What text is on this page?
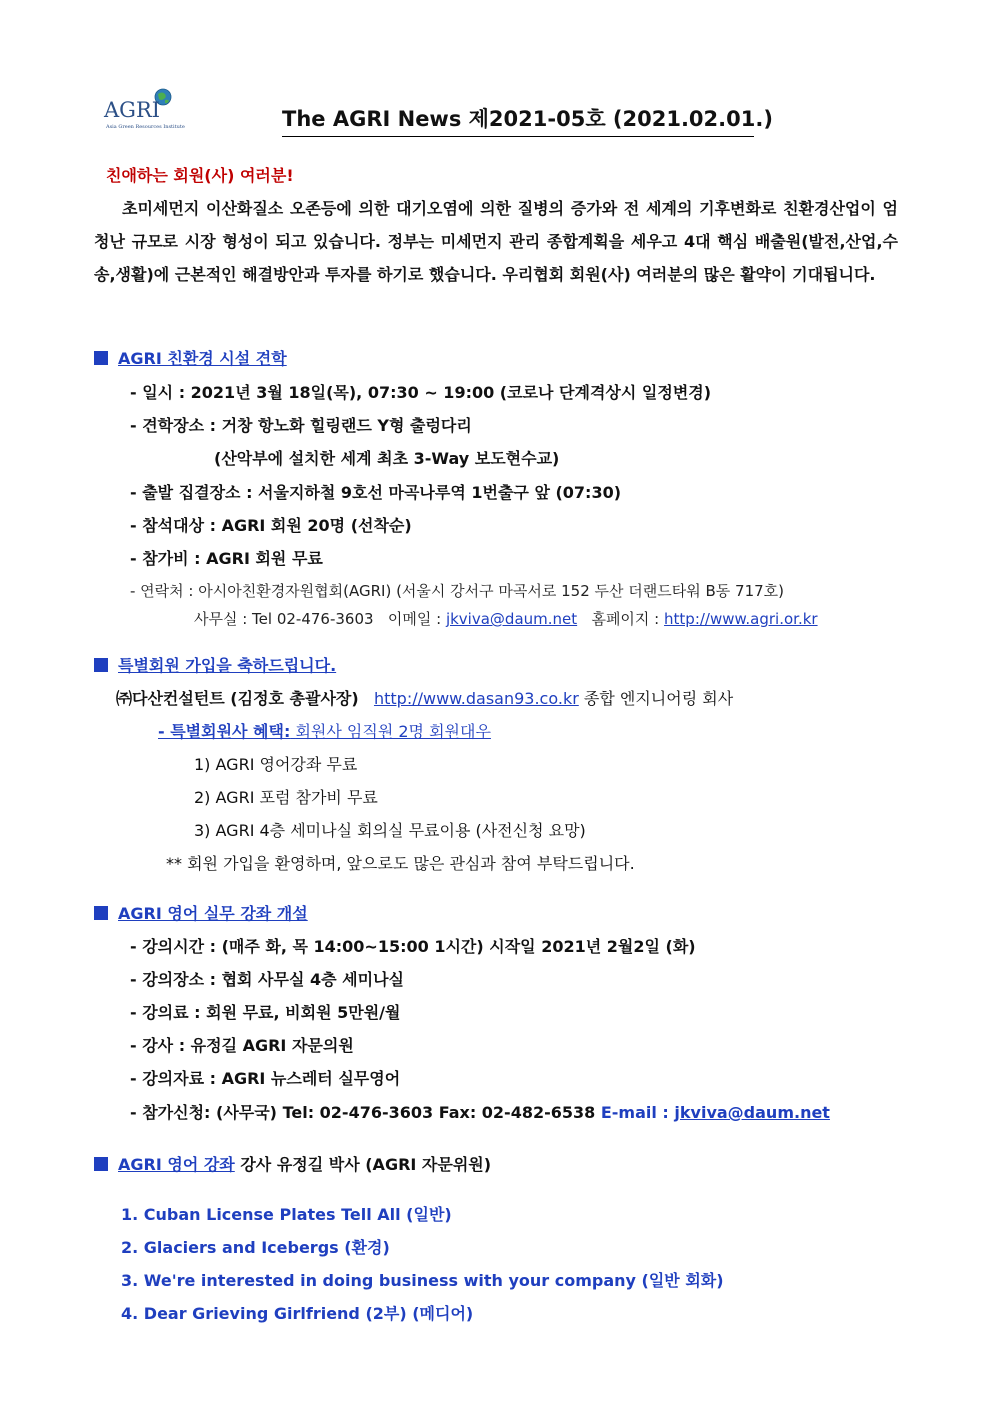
AGRI
Asia Green Resources Institute	The AGRI News 제2021-05호 (2021.02.01.)
친애하는 회원(사) 여러분!

초미세먼지 이산화질소 오존등에 의한 대기오염에 의한 질병의 증가와 전 세계의 기후변화로 친환경산업이 엄청난 규모로 시장 형성이 되고 있습니다. 정부는 미세먼지 관리 종합계획을 세우고 4대 핵심 배출원(발전,산업,수송,생활)에 근본적인 해결방안과 투자를 하기로 했습니다. 우리협회 회원(사) 여러분의 많은 활약이 기대됩니다.

AGRI 친환경 시설 견학
- 일시 : 2021년 3월 18일(목), 07:30 ~ 19:00 (코로나 단계격상시 일정변경)
- 견학장소 : 거창 항노화 힐링랜드 Y형 출렁다리
(산악부에 설치한 세계 최초 3-Way 보도현수교)
- 출발 집결장소 : 서울지하철 9호선 마곡나루역 1번출구 앞 (07:30)
- 참석대상 : AGRI 회원 20명 (선착순)
- 참가비 : AGRI 회원 무료
- 연락처 : 아시아친환경자원협회(AGRI) (서울시 강서구 마곡서로 152 두산 더랜드타워 B동 717호)
사무실 : Tel 02-476-3603 이메일 : jkviva@daum.net 홈페이지 : http://www.agri.or.kr
특별회원 가입을 축하드립니다.
㈜다산컨설턴트 (김정호 총괄사장) http://www.dasan93.co.kr 종합 엔지니어링 회사
- 특별회원사 혜택: 회원사 임직원 2명 회원대우
1) AGRI 영어강좌 무료
2) AGRI 포럼 참가비 무료
3) AGRI 4층 세미나실 회의실 무료이용 (사전신청 요망)
** 회원 가입을 환영하며, 앞으로도 많은 관심과 참여 부탁드립니다.
AGRI 영어 실무 강좌 개설
- 강의시간 : (매주 화, 목 14:00~15:00 1시간) 시작일 2021년 2월2일 (화)
- 강의장소 : 협회 사무실 4층 세미나실
- 강의료 : 회원 무료, 비회원 5만원/월
- 강사 : 유정길 AGRI 자문의원
- 강의자료 : AGRI 뉴스레터 실무영어
- 참가신청: (사무국) Tel: 02-476-3603 Fax: 02-482-6538 E-mail : jkviva@daum.net
AGRI 영어 강좌 강사 유정길 박사 (AGRI 자문위원)
1. Cuban License Plates Tell All (일반)
2. Glaciers and Icebergs (환경)
3. We're interested in doing business with your company (일반 회화)
4. Dear Grieving Girlfriend (2부) (메디어)
